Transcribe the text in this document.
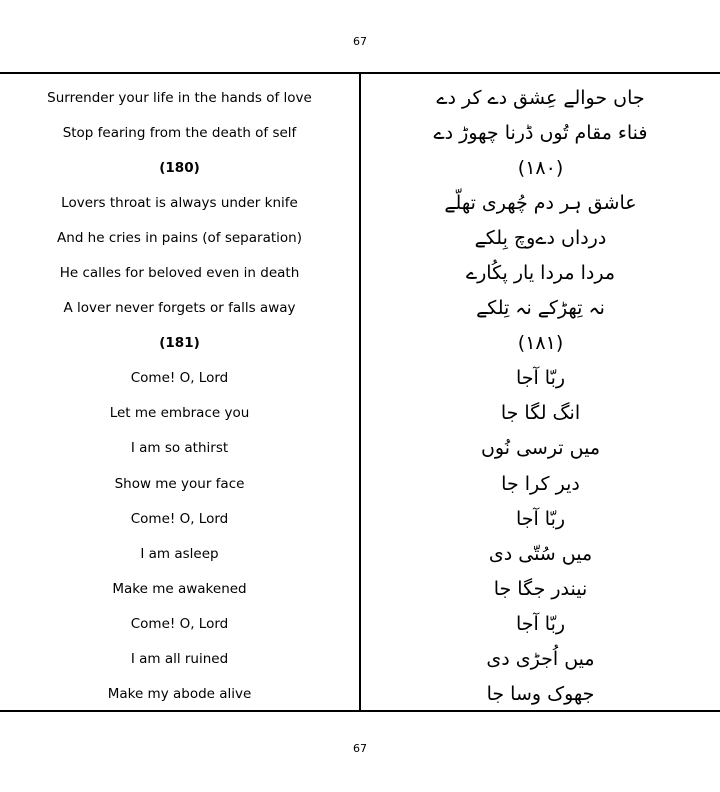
67
Surrender your life in the hands of love	جاں حوالے عِشق دے کر دے
Stop fearing from the death of self	فناء مقام تُوں ڈرنا چھوڑ دے
(180)	(۱۸۰)
Lovers throat is always under knife	عاشق ہر دم چُھری تھلّے
And he cries in pains (of separation)	درداں دےوچ بِلکے
He calles for beloved even in death	مردا مردا یار پکُارے
A lover never forgets or falls away	نہ تِھڑکے نہ تِلکے
(181)	(۱۸۱)
Come! O, Lord	ربّا آجا
Let me embrace you	انگ لگا جا
I am so athirst	میں ترسی نُوں
Show me your face	دیر کرا جا
Come! O, Lord	ربّا آجا
I am asleep	میں سُتّی دی
Make me awakened	نیندر جگا جا
Come! O, Lord	ربّا آجا
I am all ruined	میں اُجڑی دی
Make my abode alive	جھوک وسا جا
67
